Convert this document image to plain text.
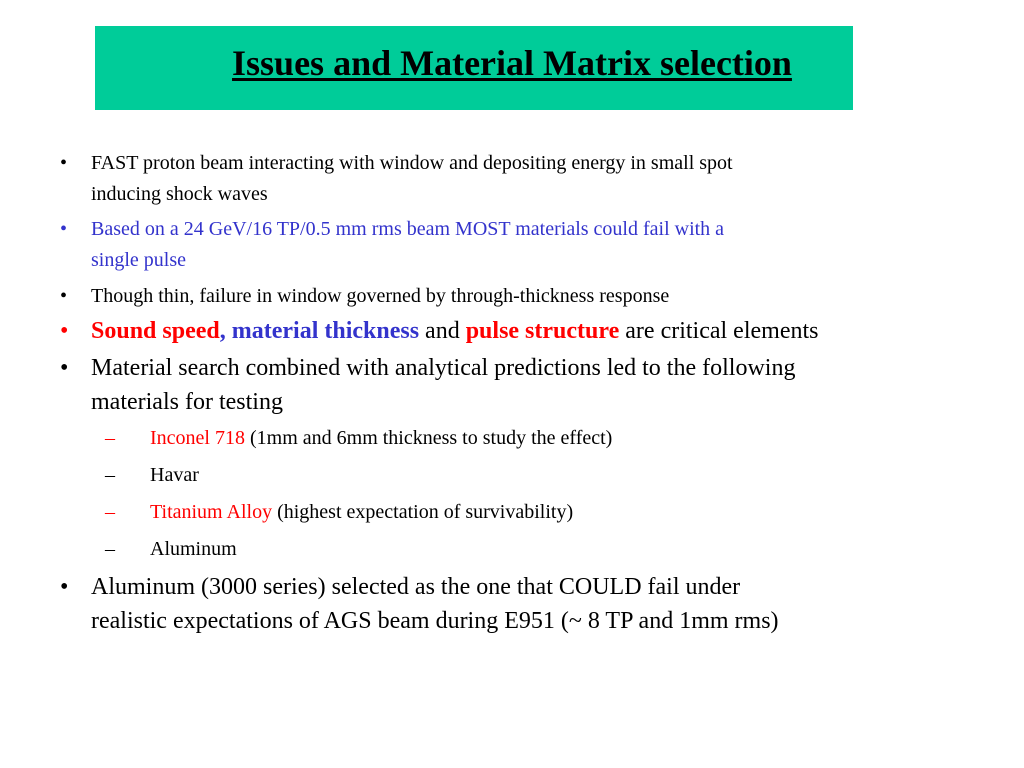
Issues and Material Matrix selection
• FAST proton beam interacting with window and depositing energy in small spot
inducing shock waves
• Based on a 24 GeV/16 TP/0.5 mm rms beam MOST materials could fail with a
single pulse
• Though thin, failure in window governed by through-thickness response
• Sound speed, material thickness and pulse structure are critical elements
• Material search combined with analytical predictions led to the following
materials for testing
– Inconel 718 (1mm and 6mm thickness to study the effect)
– Havar
– Titanium Alloy (highest expectation of survivability)
– Aluminum
• Aluminum (3000 series) selected as the one that COULD fail under
realistic expectations of AGS beam during E951 (~ 8 TP and 1mm rms)
